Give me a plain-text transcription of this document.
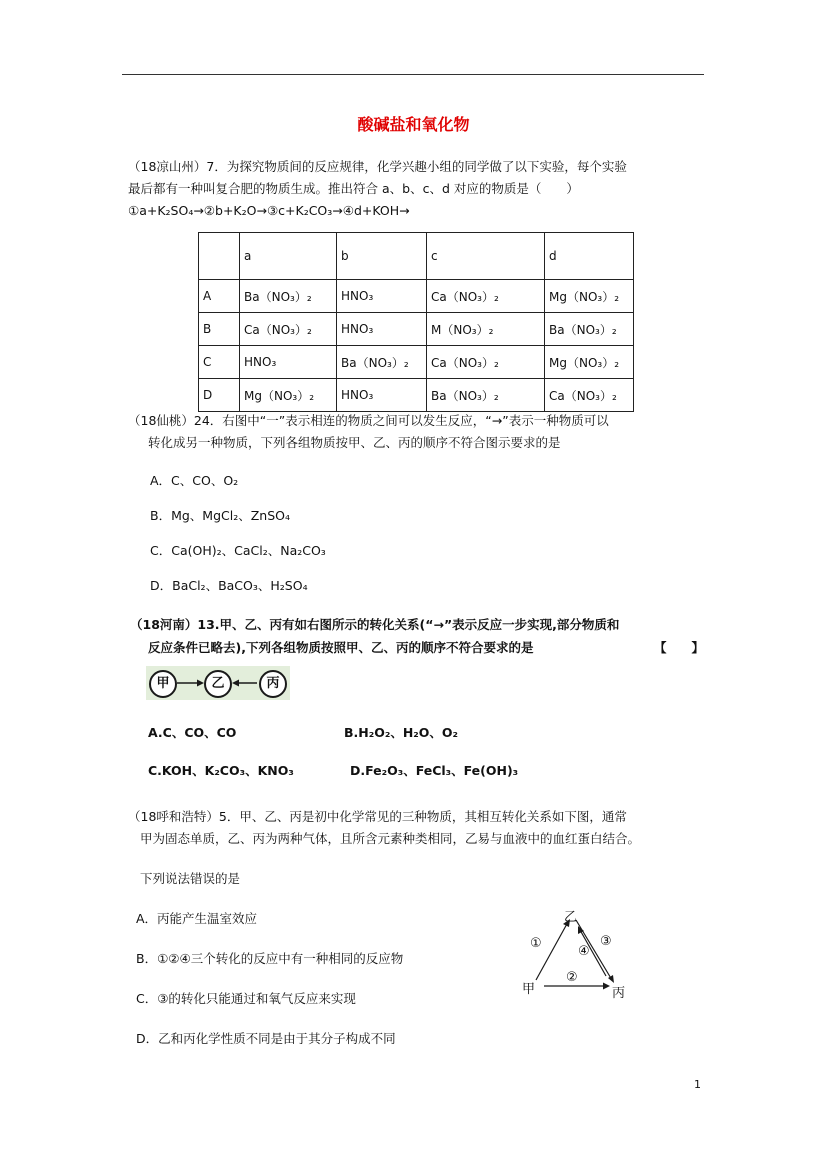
酸碱盐和氧化物
（18凉山州）7．为探究物质间的反应规律，化学兴趣小组的同学做了以下实验，每个实验
最后都有一种叫复合肥的物质生成。推出符合 a、b、c、d 对应的物质是（　　）
①a+K₂SO₄→②b+K₂O→③c+K₂CO₃→④d+KOH→
	a	b	c	d
A	Ba（NO₃）₂	HNO₃	Ca（NO₃）₂	Mg（NO₃）₂
B	Ca（NO₃）₂	HNO₃	M（NO₃）₂	Ba（NO₃）₂
C	HNO₃	Ba（NO₃）₂	Ca（NO₃）₂	Mg（NO₃）₂
D	Mg（NO₃）₂	HNO₃	Ba（NO₃）₂	Ca（NO₃）₂
（18仙桃）24．右图中“一”表示相连的物质之间可以发生反应，“→”表示一种物质可以
转化成另一种物质，下列各组物质按甲、乙、丙的顺序不符合图示要求的是
A．C、CO、O₂
B．Mg、MgCl₂、ZnSO₄
C．Ca(OH)₂、CaCl₂、Na₂CO₃
D．BaCl₂、BaCO₃、H₂SO₄
（18河南）13.甲、乙、丙有如右图所示的转化关系(“→”表示反应一步实现,部分物质和
反应条件已略去),下列各组物质按照甲、乙、丙的顺序不符合要求的是	【　　】
甲	乙	丙
A.C、CO、CO	B.H₂O₂、H₂O、O₂
C.KOH、K₂CO₃、KNO₃	D.Fe₂O₃、FeCl₃、Fe(OH)₃
（18呼和浩特）5．甲、乙、丙是初中化学常见的三种物质，其相互转化关系如下图，通常
甲为固态单质，乙、丙为两种气体，且所含元素种类相同，乙易与血液中的血红蛋白结合。
下列说法错误的是
A．丙能产生温室效应
B．①②④三个转化的反应中有一种相同的反应物
C．③的转化只能通过和氧气反应来实现
D．乙和丙化学性质不同是由于其分子构成不同
乙
甲	丙
①
②
③
④
1
